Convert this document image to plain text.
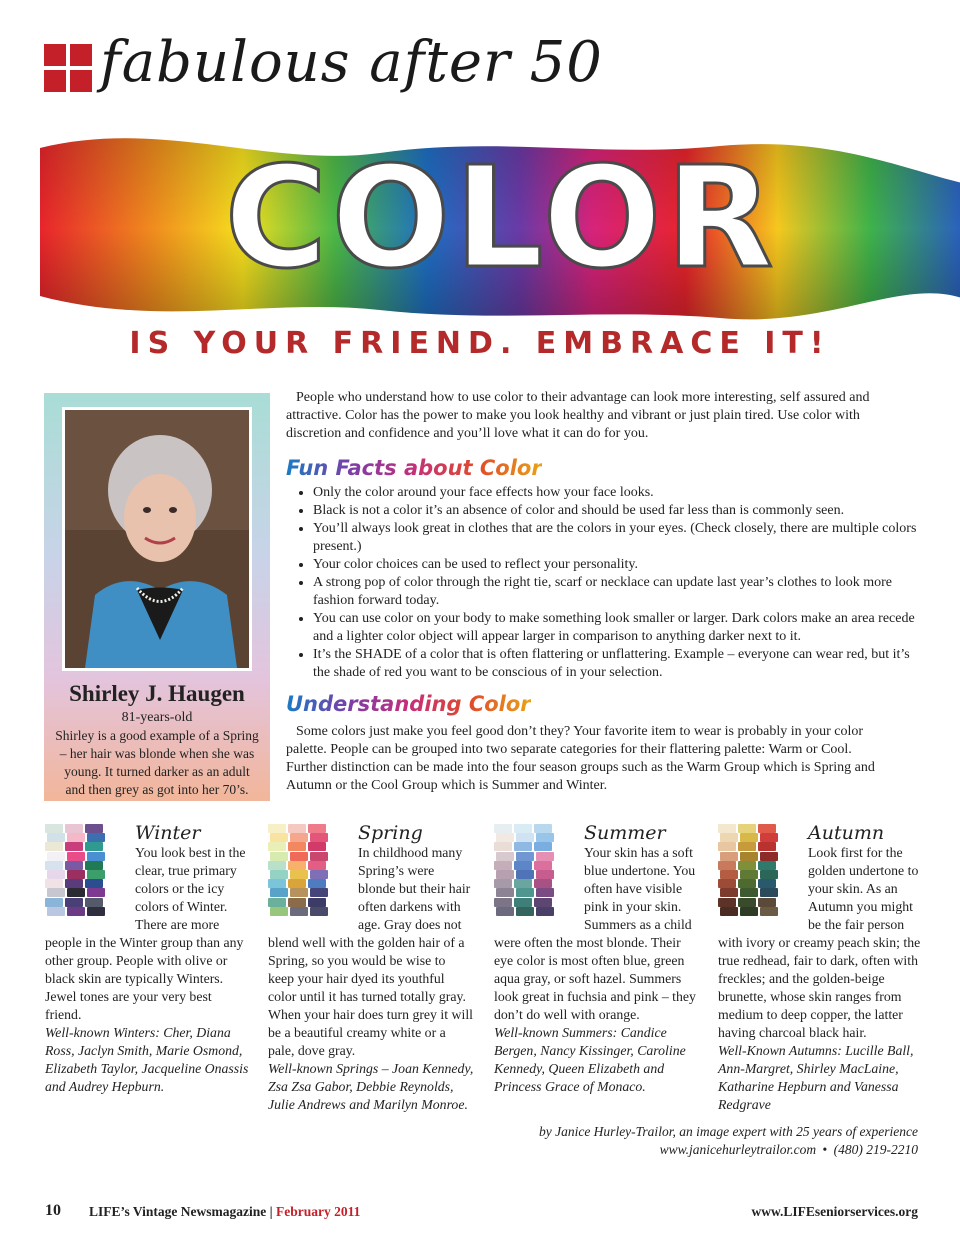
fabulous after 50
COLOR
IS YOUR FRIEND. EMBRACE IT!
Shirley J. Haugen
81-years-old
Shirley is a good example of a Spring – her hair was blonde when she was young. It turned darker as an adult and then grey as got into her 70’s.
People who understand how to use color to their advantage can look more interesting, self assured and attractive. Color has the power to make you look healthy and vibrant or just plain tired. Use color with discretion and confidence and you’ll love what it can do for you.
Fun Facts about Color
• Only the color around your face effects how your face looks.
• Black is not a color it’s an absence of color and should be used far less than is commonly seen.
• You’ll always look great in clothes that are the colors in your eyes. (Check closely, there are multiple colors present.)
• Your color choices can be used to reflect your personality.
• A strong pop of color through the right tie, scarf or necklace can update last year’s clothes to look more fashion forward today.
• You can use color on your body to make something look smaller or larger. Dark colors make an area recede and a lighter color object will appear larger in comparison to anything darker next to it.
• It’s the SHADE of a color that is often flattering or unflattering. Example – everyone can wear red, but it’s the shade of red you want to be conscious of in your selection.
Understanding Color
Some colors just make you feel good don’t they? Your favorite item to wear is probably in your color palette. People can be grouped into two separate categories for their flattering palette: Warm or Cool. Further distinction can be made into the four season groups such as the Warm Group which is Spring and Autumn or the Cool Group which is Summer and Winter.
Winter
You look best in the clear, true primary colors or the icy colors of Winter. There are more people in the Winter group than any other group. People with olive or black skin are typically Winters. Jewel tones are your very best friend.
Well-known Winters: Cher, Diana Ross, Jaclyn Smith, Marie Osmond, Elizabeth Taylor, Jacqueline Onassis and Audrey Hepburn.
Spring
In childhood many Spring’s were blonde but their hair often darkens with age. Gray does not blend well with the golden hair of a Spring, so you would be wise to keep your hair dyed its youthful color until it has turned totally gray. When your hair does turn grey it will be a beautiful creamy white or a pale, dove gray.
Well-known Springs – Joan Kennedy, Zsa Zsa Gabor, Debbie Reynolds, Julie Andrews and Marilyn Monroe.
Summer
Your skin has a soft blue undertone. You often have visible pink in your skin. Summers as a child were often the most blonde. Their eye color is most often blue, green aqua gray, or soft hazel. Summers look great in fuchsia and pink – they don’t do well with orange.
Well-known Summers: Candice Bergen, Nancy Kissinger, Caroline Kennedy, Queen Elizabeth and Princess Grace of Monaco.
Autumn
Look first for the golden undertone to your skin. As an Autumn you might be the fair person with ivory or creamy peach skin; the true redhead, fair to dark, often with freckles; and the golden-beige brunette, whose skin ranges from medium to deep copper, the latter having charcoal black hair.
Well-Known Autumns: Lucille Ball, Ann-Margret, Shirley MacLaine, Katharine Hepburn and Vanessa Redgrave
by Janice Hurley-Trailor, an image expert with 25 years of experience
www.janicehurleytrailor.com • (480) 219-2210
10 LIFE’s Vintage Newsmagazine | February 2011	www.LIFEseniorservices.org
